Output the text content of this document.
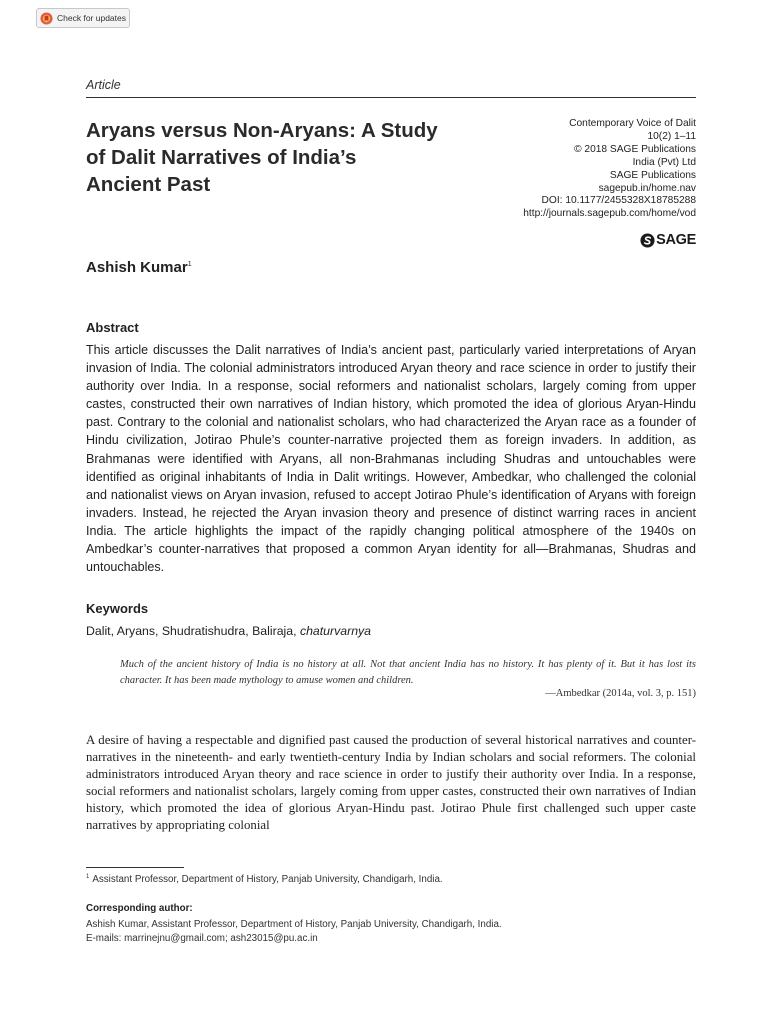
Check for updates
Article
Aryans versus Non-Aryans: A Study
of Dalit Narratives of India’s
Ancient Past
Contemporary Voice of Dalit
10(2) 1–11
© 2018 SAGE Publications
India (Pvt) Ltd
SAGE Publications
sagepub.in/home.nav
DOI: 10.1177/2455328X18785288
http://journals.sagepub.com/home/vod
SAGE
Ashish Kumar$^1$
Abstract

This article discusses the Dalit narratives of India’s ancient past, particularly varied interpretations of Aryan invasion of India. The colonial administrators introduced Aryan theory and race science in order to justify their authority over India. In a response, social reformers and nationalist scholars, largely coming from upper castes, constructed their own narratives of Indian history, which promoted the idea of glorious Aryan-Hindu past. Contrary to the colonial and nationalist scholars, who had characterized the Aryan race as a founder of Hindu civilization, Jotirao Phule’s counter-narrative projected them as foreign invaders. In addition, as Brahmanas were identified with Aryans, all non-Brahmanas including Shudras and untouchables were identified as original inhabitants of India in Dalit writings. However, Ambedkar, who challenged the colonial and nationalist views on Aryan invasion, refused to accept Jotirao Phule’s identification of Aryans with foreign invaders. Instead, he rejected the Aryan invasion theory and presence of distinct warring races in ancient India. The article highlights the impact of the rapidly changing political atmosphere of the 1940s on Ambedkar’s counter-narratives that proposed a common Aryan identity for all—Brahmanas, Shudras and untouchables.

Keywords
Dalit, Aryans, Shudratishudra, Baliraja, chaturvarnya

Much of the ancient history of India is no history at all. Not that ancient India has no history. It has plenty of it. But it has lost its character. It has been made mythology to amuse women and children.

—Ambedkar (2014a, vol. 3, p. 151)

A desire of having a respectable and dignified past caused the production of several historical narratives and counter-narratives in the nineteenth- and early twentieth-century India by Indian scholars and social reformers. The colonial administrators introduced Aryan theory and race science in order to justify their authority over India. In a response, social reformers and nationalist scholars, largely coming from upper castes, constructed their own narratives of Indian history, which promoted the idea of glorious Aryan-Hindu past. Jotirao Phule first challenged such upper caste narratives by appropriating colonial

$^1$ Assistant Professor, Department of History, Panjab University, Chandigarh, India.
Corresponding author:
Ashish Kumar, Assistant Professor, Department of History, Panjab University, Chandigarh, India.
E-mails: marrinejnu@gmail.com; ash23015@pu.ac.in
